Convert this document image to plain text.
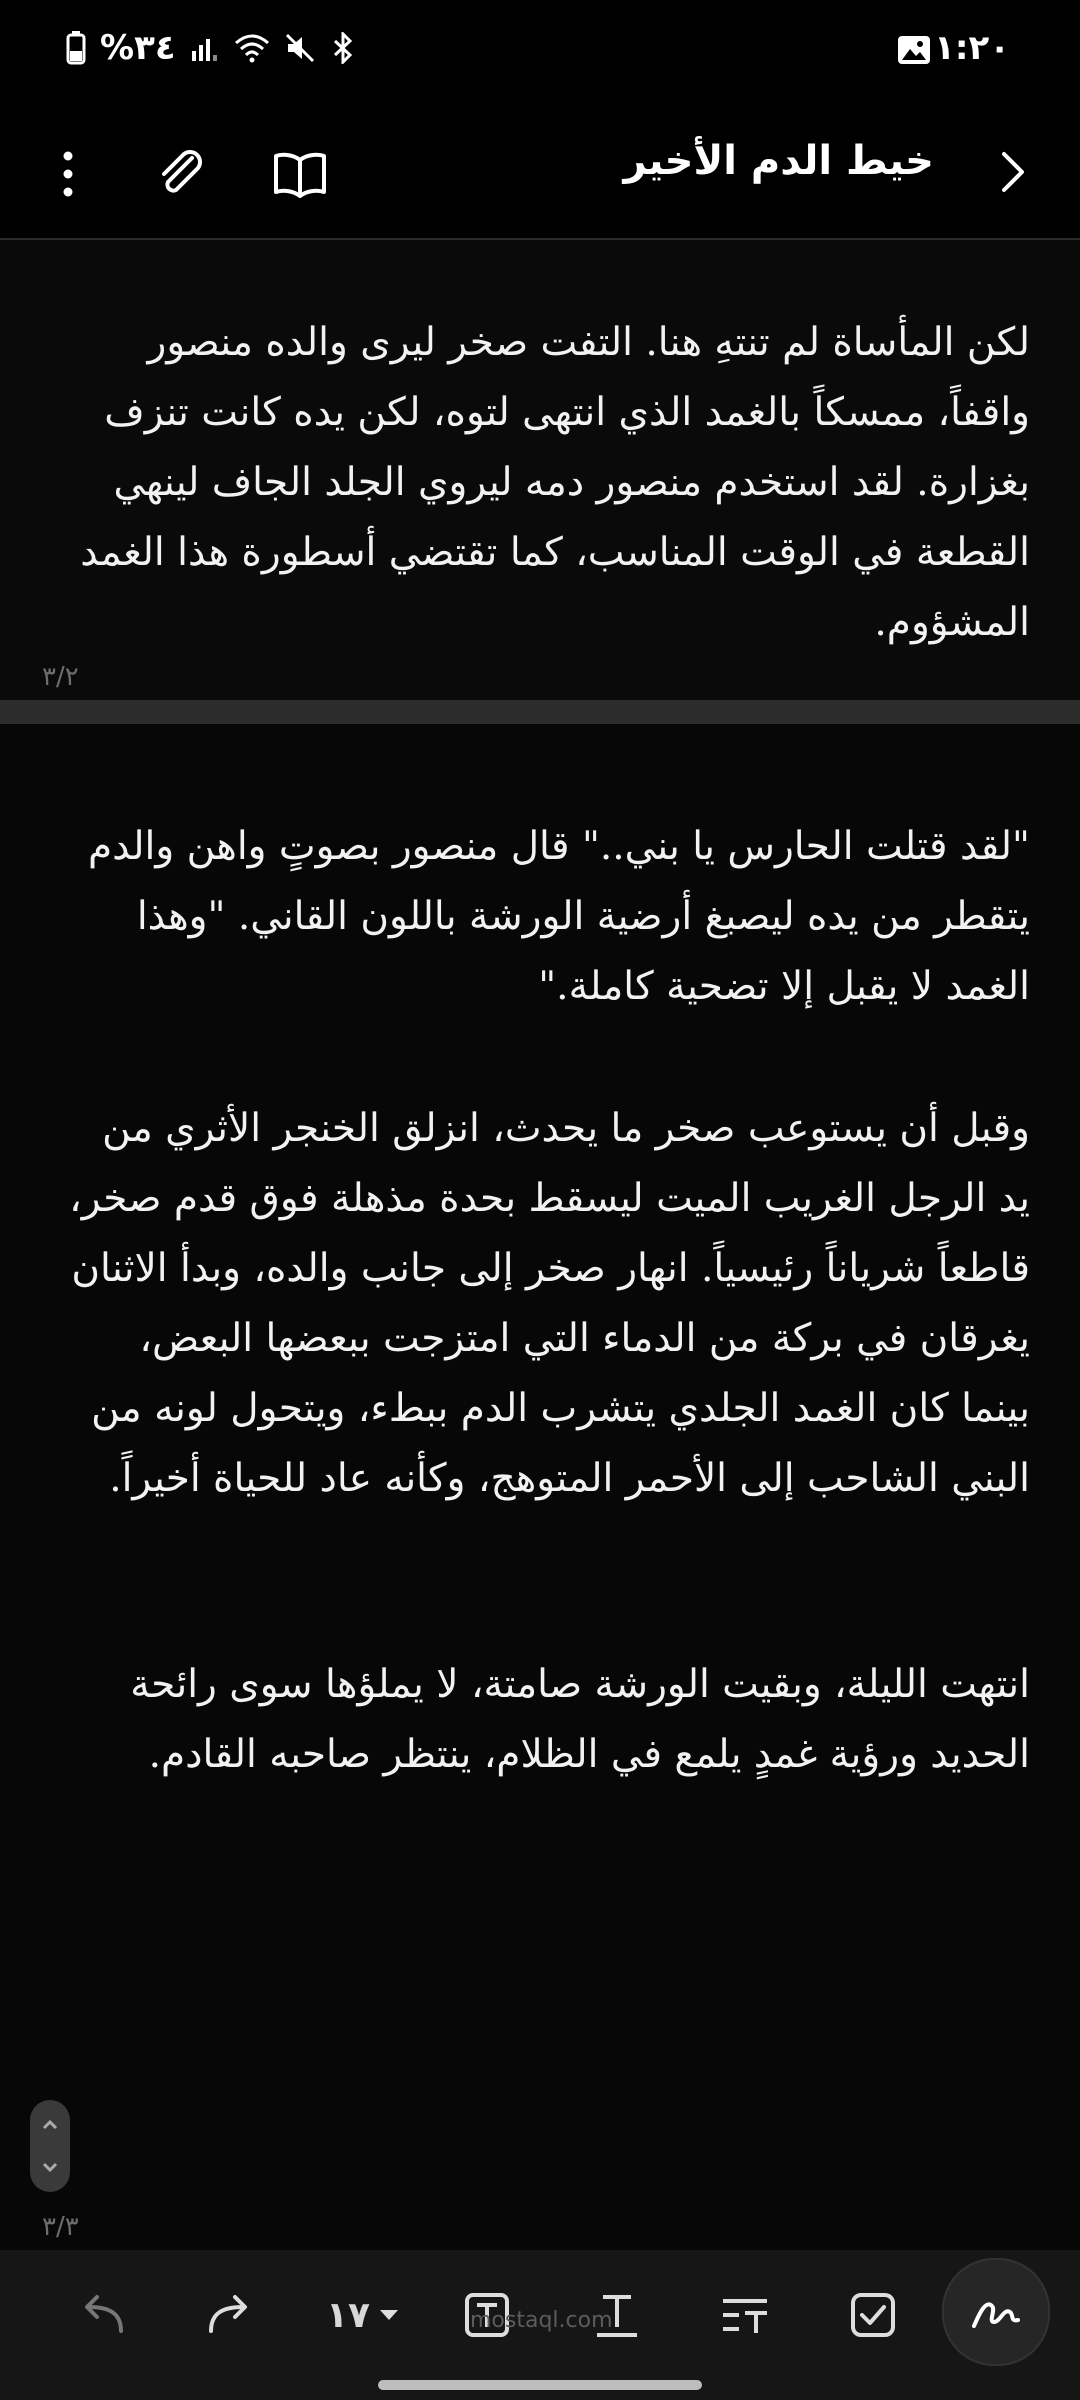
%٣٤	١:٢٠
خيط الدم الأخير
لكن المأساة لم تنتهِ هنا. التفت صخر ليرى والده منصور واقفاً، ممسكاً بالغمد الذي انتهى لتوه، لكن يده كانت تنزف بغزارة. لقد استخدم منصور دمه ليروي الجلد الجاف لينهي القطعة في الوقت المناسب، كما تقتضي أسطورة هذا الغمد المشؤوم.
٣/٢
"لقد قتلت الحارس يا بني.." قال منصور بصوتٍ واهن والدم يتقطر من يده ليصبغ أرضية الورشة باللون القاني. "وهذا الغمد لا يقبل إلا تضحية كاملة."
وقبل أن يستوعب صخر ما يحدث، انزلق الخنجر الأثري من يد الرجل الغريب الميت ليسقط بحدة مذهلة فوق قدم صخر، قاطعاً شرياناً رئيسياً. انهار صخر إلى جانب والده، وبدأ الاثنان يغرقان في بركة من الدماء التي امتزجت ببعضها البعض، بينما كان الغمد الجلدي يتشرب الدم ببطء، ويتحول لونه من البني الشاحب إلى الأحمر المتوهج، وكأنه عاد للحياة أخيراً.
انتهت الليلة، وبقيت الورشة صامتة، لا يملؤها سوى رائحة الحديد ورؤية غمدٍ يلمع في الظلام، ينتظر صاحبه القادم.
٣/٣
١٧	mostaql.com
